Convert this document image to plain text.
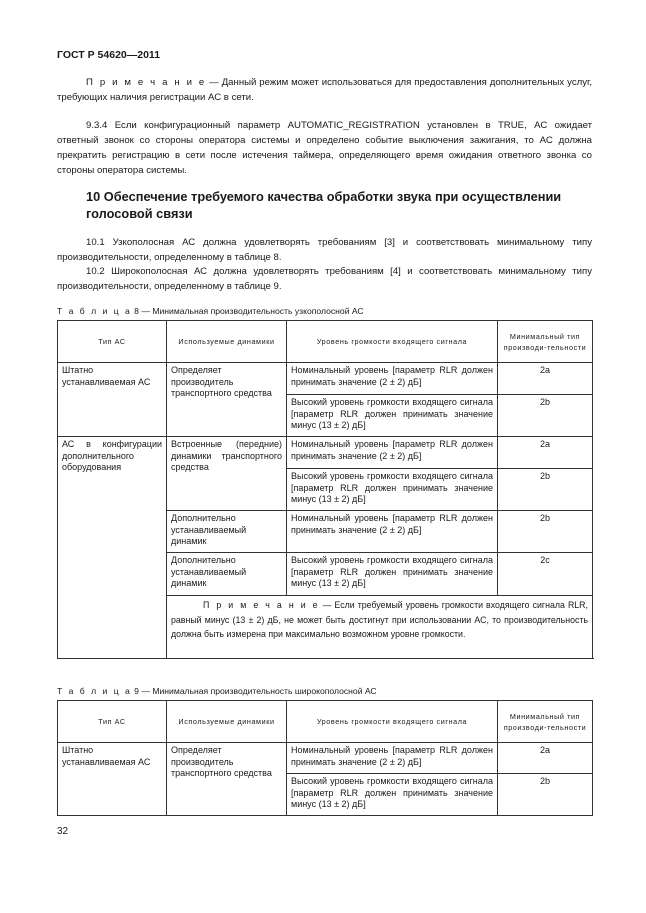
ГОСТ Р 54620—2011
П р и м е ч а н и е — Данный режим может использоваться для предоставления дополнительных услуг, требующих наличия регистрации АС в сети.
9.3.4 Если конфигурационный параметр AUTOMATIC_REGISTRATION установлен в TRUE, АС ожидает ответный звонок со стороны оператора системы и определено событие выключения зажигания, то АС должна прекратить регистрацию в сети после истечения таймера, определяющего время ожидания ответного звонка со стороны оператора системы.
10 Обеспечение требуемого качества обработки звука при осуществлении голосовой связи
10.1 Узкополосная АС должна удовлетворять требованиям [3] и соответствовать минимальному типу производительности, определенному в таблице 8.
10.2 Широкополосная АС должна удовлетворять требованиям [4] и соответствовать минимальному типу производительности, определенному в таблице 9.
Т а б л и ц а 8 — Минимальная производительность узкополосной АС
Тип АС	Используемые динамики	Уровень громкости входящего сигнала	Минимальный тип производи-тельности
Штатно устанавливаемая АС	Определяет производитель транспортного средства	Номинальный уровень [параметр RLR должен принимать значение (2 ± 2) дБ]	2a
		Высокий уровень громкости входящего сигнала [параметр RLR должен принимать значение минус (13 ± 2) дБ]	2b
АС в конфигурации дополнительного оборудования	Встроенные (передние) динамики транспортного средства	Номинальный уровень [параметр RLR должен принимать значение (2 ± 2) дБ]	2a
		Высокий уровень громкости входящего сигнала [параметр RLR должен принимать значение минус (13 ± 2) дБ]	2b
	Дополнительно устанавливаемый динамик	Номинальный уровень [параметр RLR должен принимать значение (2 ± 2) дБ]	2b
	Дополнительно устанавливаемый динамик	Высокий уровень громкости входящего сигнала [параметр RLR должен принимать значение минус (13 ± 2) дБ]	2c
	П р и м е ч а н и е — Если требуемый уровень громкости входящего сигнала RLR, равный минус (13 ± 2) дБ, не может быть достигнут при использовании АС, то производительность должна быть измерена при максимально возможном уровне громкости.		
Т а б л и ц а 9 — Минимальная производительность широкополосной АС
Тип АС	Используемые динамики	Уровень громкости входящего сигнала	Минимальный тип производи-тельности
Штатно устанавливаемая АС	Определяет производитель транспортного средства	Номинальный уровень [параметр RLR должен принимать значение (2 ± 2) дБ]	2a
		Высокий уровень громкости входящего сигнала [параметр RLR должен принимать значение минус (13 ± 2) дБ]	2b
32
